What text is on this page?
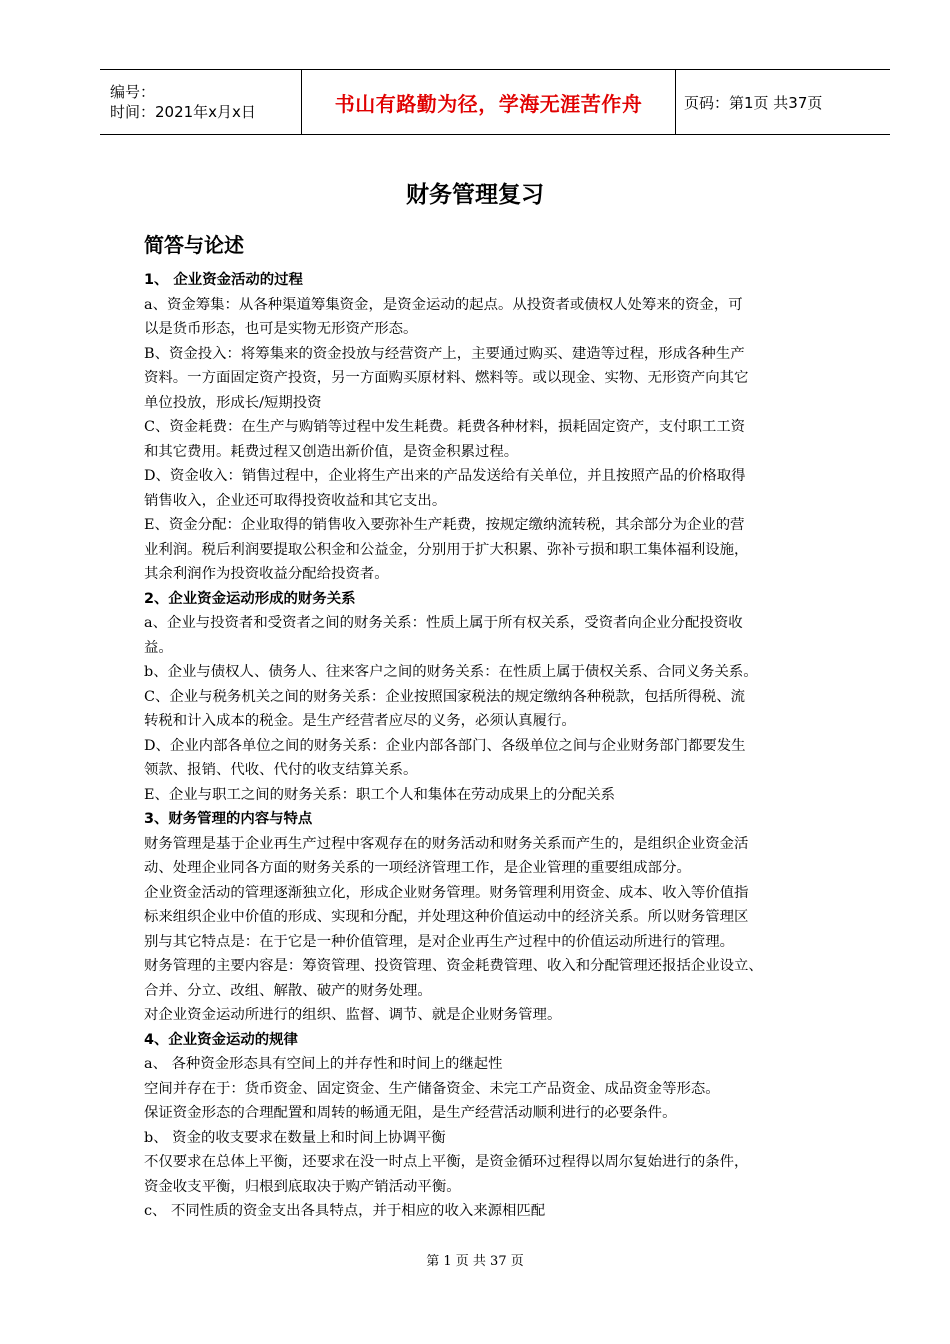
编号：
时间：2021年x月x日	书山有路勤为径，学海无涯苦作舟	页码：第1页 共37页
财务管理复习
简答与论述
1、 企业资金活动的过程
a、资金筹集：从各种渠道筹集资金，是资金运动的起点。从投资者或债权人处筹来的资金，可
以是货币形态，也可是实物无形资产形态。
B、资金投入：将筹集来的资金投放与经营资产上，主要通过购买、建造等过程，形成各种生产
资料。一方面固定资产投资，另一方面购买原材料、燃料等。或以现金、实物、无形资产向其它
单位投放，形成长/短期投资
C、资金耗费：在生产与购销等过程中发生耗费。耗费各种材料，损耗固定资产，支付职工工资
和其它费用。耗费过程又创造出新价值，是资金积累过程。
D、资金收入：销售过程中，企业将生产出来的产品发送给有关单位，并且按照产品的价格取得
销售收入，企业还可取得投资收益和其它支出。
E、资金分配：企业取得的销售收入要弥补生产耗费，按规定缴纳流转税，其余部分为企业的营
业利润。税后利润要提取公积金和公益金，分别用于扩大积累、弥补亏损和职工集体福利设施，
其余利润作为投资收益分配给投资者。
2、企业资金运动形成的财务关系
a、企业与投资者和受资者之间的财务关系：性质上属于所有权关系，受资者向企业分配投资收
益。
b、企业与债权人、债务人、往来客户之间的财务关系：在性质上属于债权关系、合同义务关系。
C、企业与税务机关之间的财务关系：企业按照国家税法的规定缴纳各种税款，包括所得税、流
转税和计入成本的税金。是生产经营者应尽的义务，必须认真履行。
D、企业内部各单位之间的财务关系：企业内部各部门、各级单位之间与企业财务部门都要发生
领款、报销、代收、代付的收支结算关系。
E、企业与职工之间的财务关系：职工个人和集体在劳动成果上的分配关系
3、财务管理的内容与特点
财务管理是基于企业再生产过程中客观存在的财务活动和财务关系而产生的，是组织企业资金活
动、处理企业同各方面的财务关系的一项经济管理工作，是企业管理的重要组成部分。
企业资金活动的管理逐渐独立化，形成企业财务管理。财务管理利用资金、成本、收入等价值指
标来组织企业中价值的形成、实现和分配，并处理这种价值运动中的经济关系。所以财务管理区
别与其它特点是：在于它是一种价值管理，是对企业再生产过程中的价值运动所进行的管理。
财务管理的主要内容是：筹资管理、投资管理、资金耗费管理、收入和分配管理还报括企业设立、
合并、分立、改组、解散、破产的财务处理。
对企业资金运动所进行的组织、监督、调节、就是企业财务管理。
4、企业资金运动的规律
a、 各种资金形态具有空间上的并存性和时间上的继起性
空间并存在于：货币资金、固定资金、生产储备资金、未完工产品资金、成品资金等形态。
保证资金形态的合理配置和周转的畅通无阻，是生产经营活动顺利进行的必要条件。
b、 资金的收支要求在数量上和时间上协调平衡
不仅要求在总体上平衡，还要求在没一时点上平衡，是资金循环过程得以周尔复始进行的条件，
资金收支平衡，归根到底取决于购产销活动平衡。
c、 不同性质的资金支出各具特点，并于相应的收入来源相匹配
第 1 页 共 37 页
